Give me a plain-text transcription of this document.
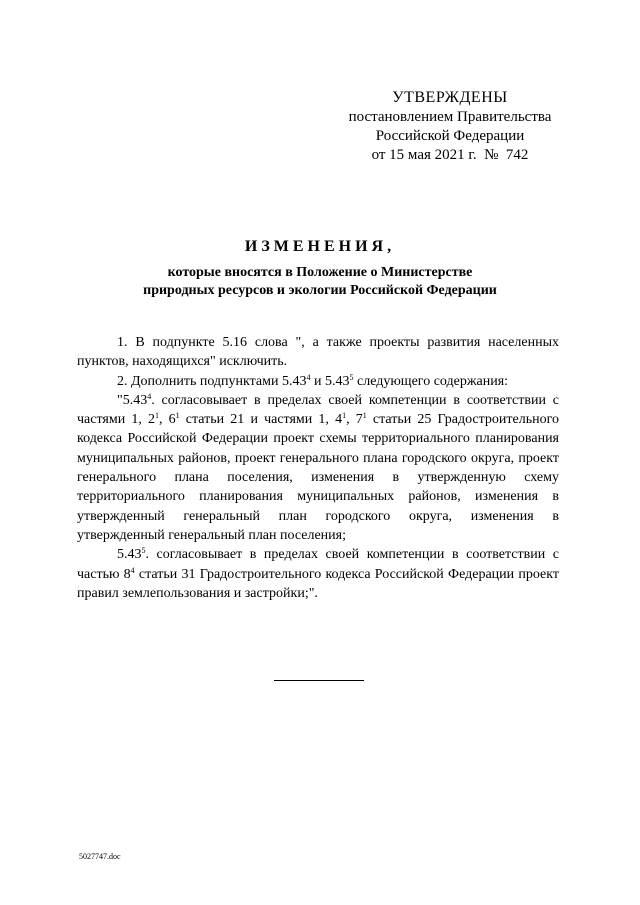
УТВЕРЖДЕНЫ
постановлением Правительства
Российской Федерации
от 15 мая 2021 г.  №  742
ИЗМЕНЕНИЯ,
которые вносятся в Положение о Министерстве
природных ресурсов и экологии Российской Федерации

1. В подпункте 5.16 слова ", а также проекты развития населенных пунктов, находящихся" исключить.

2. Дополнить подпунктами 5.43$^4$ и 5.43$^5$ следующего содержания:

"5.43$^4$. согласовывает в пределах своей компетенции в соответствии с частями 1, $2^1$, $6^1$ статьи 21 и частями 1, $4^1$, $7^1$ статьи 25 Градостроительного кодекса Российской Федерации проект схемы территориального планирования муниципальных районов, проект генерального плана городского округа, проект генерального плана поселения, изменения в утвержденную схему территориального планирования муниципальных районов, изменения в утвержденный генеральный план городского округа, изменения в утвержденный генеральный план поселения;

5.43$^5$. согласовывает в пределах своей компетенции в соответствии с частью $8^4$ статьи 31 Градостроительного кодекса Российской Федерации проект правил землепользования и застройки;".

5027747.doc
